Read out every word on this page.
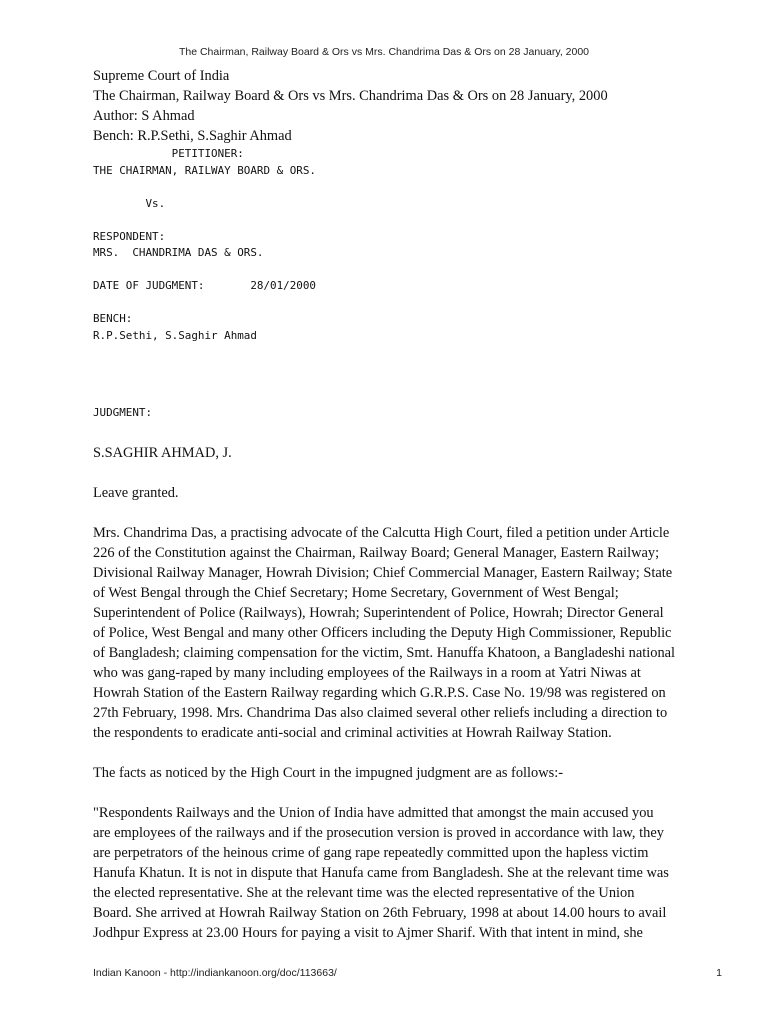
The Chairman, Railway Board & Ors vs Mrs. Chandrima Das & Ors on 28 January, 2000
Supreme Court of India
The Chairman, Railway Board & Ors vs Mrs. Chandrima Das & Ors on 28 January, 2000
Author: S Ahmad
Bench: R.P.Sethi, S.Saghir Ahmad
PETITIONER:
THE CHAIRMAN, RAILWAY BOARD & ORS.
Vs.
RESPONDENT:
MRS.  CHANDRIMA DAS & ORS.
DATE OF JUDGMENT:       28/01/2000
BENCH:
R.P.Sethi, S.Saghir Ahmad
JUDGMENT:
S.SAGHIR AHMAD, J.
Leave granted.
Mrs. Chandrima Das, a practising advocate of the Calcutta High Court, filed a petition under Article
226 of the Constitution against the Chairman, Railway Board; General Manager, Eastern Railway;
Divisional Railway Manager, Howrah Division; Chief Commercial Manager, Eastern Railway; State
of West Bengal through the Chief Secretary; Home Secretary, Government of West Bengal;
Superintendent of Police (Railways), Howrah; Superintendent of Police, Howrah; Director General
of Police, West Bengal and many other Officers including the Deputy High Commissioner, Republic
of Bangladesh; claiming compensation for the victim, Smt. Hanuffa Khatoon, a Bangladeshi national
who was gang-raped by many including employees of the Railways in a room at Yatri Niwas at
Howrah Station of the Eastern Railway regarding which G.R.P.S. Case No. 19/98 was registered on
27th February, 1998. Mrs. Chandrima Das also claimed several other reliefs including a direction to
the respondents to eradicate anti-social and criminal activities at Howrah Railway Station.
The facts as noticed by the High Court in the impugned judgment are as follows:-
"Respondents Railways and the Union of India have admitted that amongst the main accused you
are employees of the railways and if the prosecution version is proved in accordance with law, they
are perpetrators of the heinous crime of gang rape repeatedly committed upon the hapless victim
Hanufa Khatun. It is not in dispute that Hanufa came from Bangladesh. She at the relevant time was
the elected representative. She at the relevant time was the elected representative of the Union
Board. She arrived at Howrah Railway Station on 26th February, 1998 at about 14.00 hours to avail
Jodhpur Express at 23.00 Hours for paying a visit to Ajmer Sharif. With that intent in mind, she
Indian Kanoon - http://indiankanoon.org/doc/113663/	1
